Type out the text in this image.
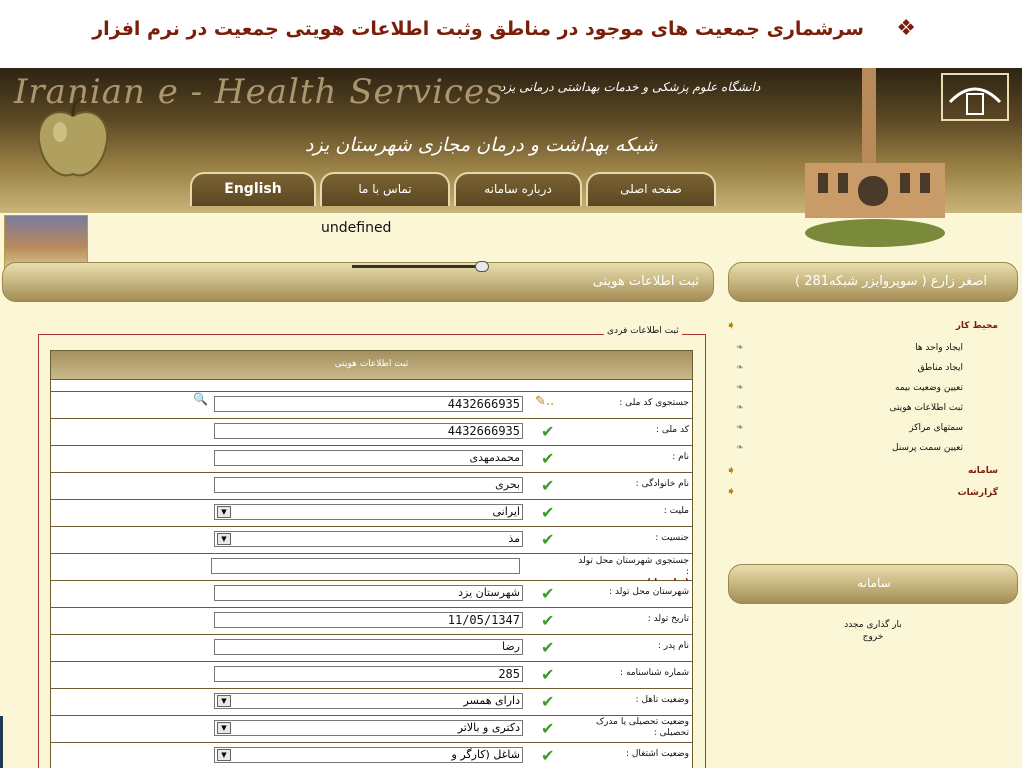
❖
سرشماری جمعیت های موجود در مناطق وثبت اطلاعات هویتی جمعیت در نرم افزار
Iranian e - Health Services
دانشگاه علوم پزشکی و خدمات بهداشتی درمانی یزد
شبکه بهداشت و درمان مجازی شهرستان یزد
English	تماس با ما	درباره سامانه	صفحه اصلی
undefined
ثبت اطلاعات هویتی	اصغر زارع ( سوپروایزر شبکه281 )
ثبت اطلاعات فردی
ثبت اطلاعات هویتی
🔍	4432666935 ✎..	جستجوی کد ملی :
4432666935 ✔	کد ملی :
محمدمهدی ✔	نام :
بحری ✔	نام خانوادگی :
▼	ایرانی ✔	ملیت :
▼	مذ ✔	جنسیت :
جستجوی شهرستان محل تولد :

شهرستان یزد ✔	شهرستان محل تولد :
11/05/1347 ✔	تاریخ تولد :
رضا ✔	نام پدر :
285 ✔	شماره شناسنامه :
▼	دارای همسر ✔	وضعیت تاهل :
▼	دکتری و بالاتر ✔	وضعیت تحصیلی یا مدرک تحصیلی :
▼	شاغل (کارگر و ✔	وضعیت اشتغال :
➧	محیط کار
❧	ایجاد واحد ها
❧	ایجاد مناطق
❧	تعیین وضعیت بیمه
❧	ثبت اطلاعات هویتی
❧	سمتهای مراکز
❧	تعیین سمت پرسنل
➧	سامانه
➧	گزارشات
سامانه
بار گذاری مجدد
خروج
